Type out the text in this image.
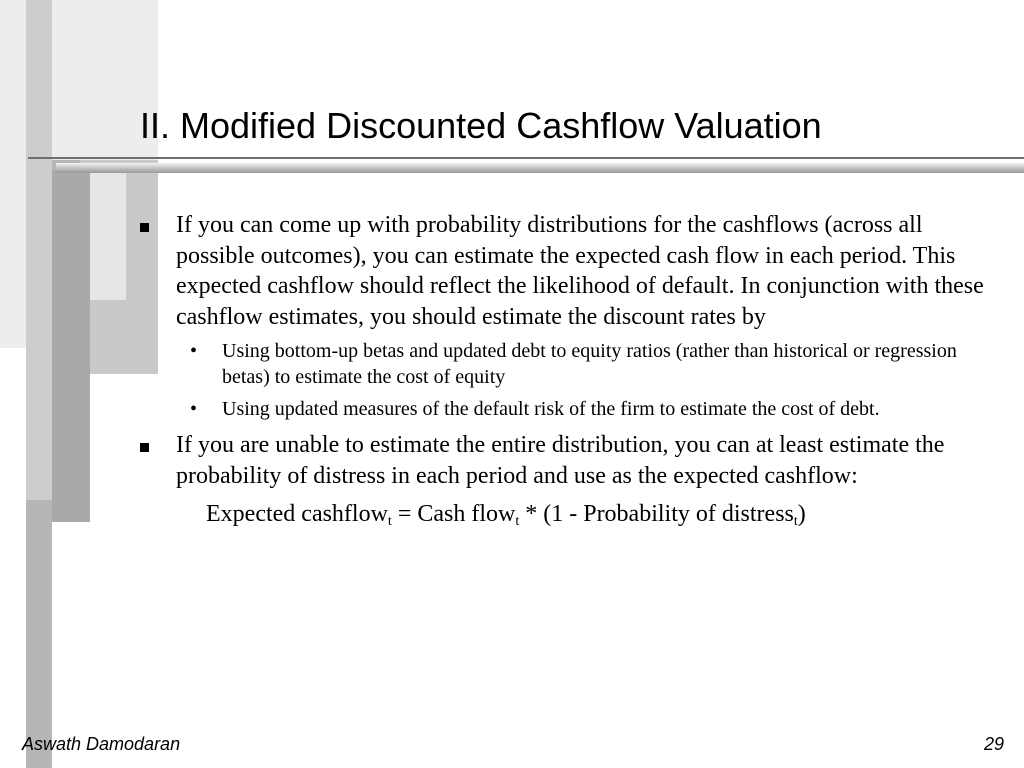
II. Modified Discounted Cashflow Valuation
If you can come up with probability distributions for the cashflows (across all possible outcomes), you can estimate the expected cash flow in each period. This expected cashflow should reflect the likelihood of default. In conjunction with these cashflow estimates, you should estimate the discount rates by
• Using bottom-up betas and updated debt to equity ratios (rather than historical or regression betas) to estimate the cost of equity
• Using updated measures of the default risk of the firm to estimate the cost of debt.
If you are unable to estimate the entire distribution, you can at least estimate the probability of distress in each period and use as the expected cashflow:
Expected cashflow$_t$ = Cash flow$_t$ * (1 - Probability of distress$_t$)
Aswath Damodaran	29
